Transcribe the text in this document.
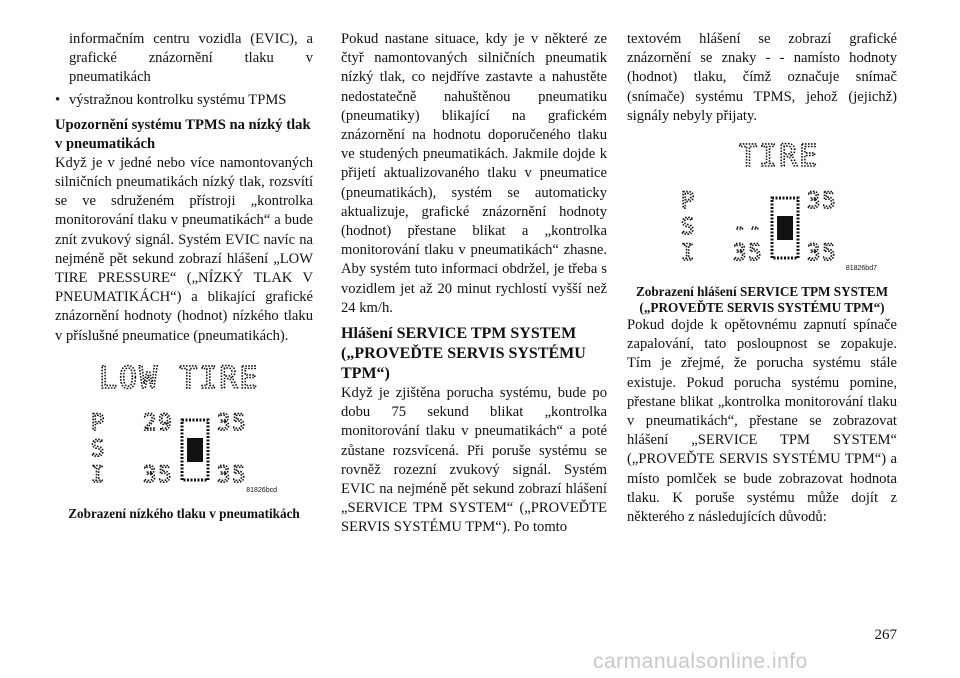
informačním centru vozidla (EVIC), a grafické znázornění tlaku v pneumatikách

• výstražnou kontrolku systému TPMS
Upozornění systému TPMS na nízký tlak v pneumatikách

Když je v jedné nebo více namontovaných silničních pneumatikách nízký tlak, rozsvítí se ve sdruženém přístroji „kontrolka monitorování tlaku v pneumatikách“ a bude znít zvukový signál. Systém EVIC navíc na nejméně pět sekund zobrazí hlášení „LOW TIRE PRESSURE“ („NÍZKÝ TLAK V PNEUMATIKÁCH“) a blikající grafické znázornění hodnoty (hodnot) nízkého tlaku v příslušné pneumatice (pneumatikách).

LOW TIRE
P 29 35
S
I 35 35
81826bcd
Zobrazení nízkého tlaku v pneumatikách

Pokud nastane situace, kdy je v některé ze čtyř namontovaných silničních pneumatik nízký tlak, co nejdříve zastavte a nahustěte nedostatečně nahuštěnou pneumatiku (pneumatiky) blikající na grafickém znázornění na hodnotu doporučeného tlaku ve studených pneumatikách. Jakmile dojde k přijetí aktualizovaného tlaku v pneumatice (pneumatikách), systém se automaticky aktualizuje, grafické znázornění hodnoty (hodnot) přestane blikat a „kontrolka monitorování tlaku v pneumatikách“ zhasne. Aby systém tuto informaci obdržel, je třeba s vozidlem jet až 20 minut rychlostí vyšší než 24 km/h.

Hlášení SERVICE TPM SYSTEM („PROVEĎTE SERVIS SYSTÉMU TPM“)

Když je zjištěna porucha systému, bude po dobu 75 sekund blikat „kontrolka monitorování tlaku v pneumatikách“ a poté zůstane rozsvícená. Při poruše systému se rovněž rozezní zvukový signál. Systém EVIC na nejméně pět sekund zobrazí hlášení „SERVICE TPM SYSTEM“ („PROVEĎTE SERVIS SYSTÉMU TPM“). Po tomto

textovém hlášení se zobrazí grafické znázornění se znaky - - namísto hodnoty (hodnot) tlaku, čímž označuje snímač (snímače) systému TPMS, jehož (jejichž) signály nebyly přijaty.

TIRE
P	35
S --
I 35 35
81826bd7
Zobrazení hlášení SERVICE TPM SYSTEM („PROVEĎTE SERVIS SYSTÉMU TPM“)

Pokud dojde k opětovnému zapnutí spínače zapalování, tato posloupnost se zopakuje. Tím je zřejmé, že porucha systému stále existuje. Pokud porucha systému pomine, přestane blikat „kontrolka monitorování tlaku v pneumatikách“, přestane se zobrazovat hlášení „SERVICE TPM SYSTEM“ („PROVEĎTE SERVIS SYSTÉMU TPM“) a místo pomlček se bude zobrazovat hodnota tlaku. K poruše systému může dojít z některého z následujících důvodů:

267
carmanualsonline.info
